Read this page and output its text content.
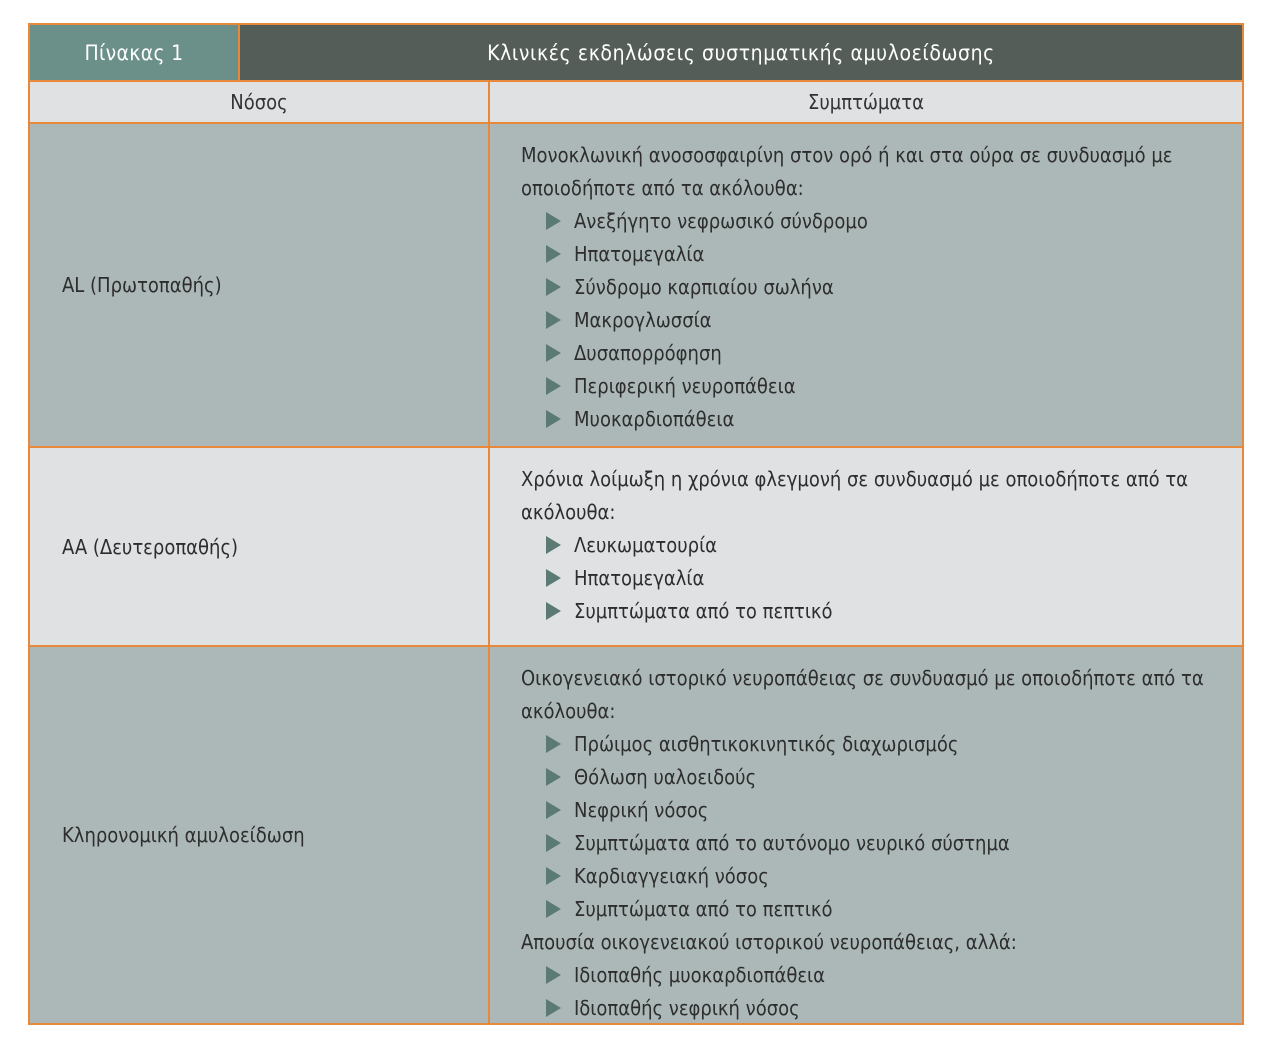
Πίνακας 1	Κλινικές εκδηλώσεις συστηματικής αμυλοείδωσης
Νόσος	Συμπτώματα
AL (Πρωτοπαθής)
Μονοκλωνική ανοσοσφαιρίνη στον ορό ή και στα ούρα σε συνδυασμό με
οποιοδήποτε από τα ακόλουθα:
Ανεξήγητο νεφρωσικό σύνδρομο
Ηπατομεγαλία
Σύνδρομο καρπιαίου σωλήνα
Μακρογλωσσία
Δυσαπορρόφηση
Περιφερική νευροπάθεια
Μυοκαρδιοπάθεια
AA (Δευτεροπαθής)
Χρόνια λοίμωξη η χρόνια φλεγμονή σε συνδυασμό με οποιοδήποτε από τα
ακόλουθα:
Λευκωματουρία
Ηπατομεγαλία
Συμπτώματα από το πεπτικό
Κληρονομική αμυλοείδωση
Οικογενειακό ιστορικό νευροπάθειας σε συνδυασμό με οποιοδήποτε από τα
ακόλουθα:
Πρώιμος αισθητικοκινητικός διαχωρισμός
Θόλωση υαλοειδούς
Νεφρική νόσος
Συμπτώματα από το αυτόνομο νευρικό σύστημα
Καρδιαγγειακή νόσος
Συμπτώματα από το πεπτικό
Απουσία οικογενειακού ιστορικού νευροπάθειας, αλλά:
Ιδιοπαθής μυοκαρδιοπάθεια
Ιδιοπαθής νεφρική νόσος
